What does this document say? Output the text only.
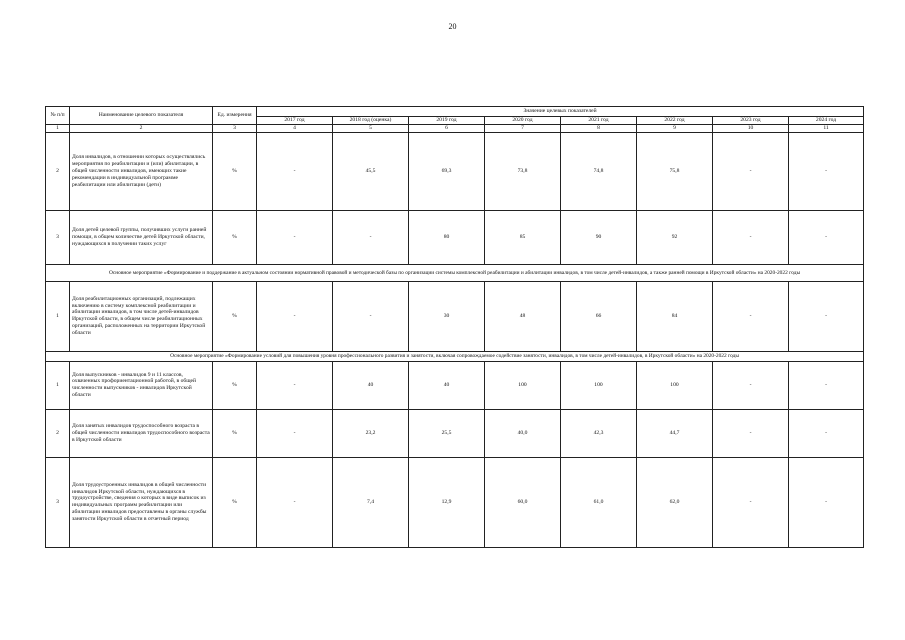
20
№ п/п	Наименование целевого показателя	Ед. измерения	Значение целевых показателей							
			2017 год	2018 год (оценка)	2019 год	2020 год	2021 год	2022 год	2023 год	2024 год
1	2	3	4	5	6	7	8	9	10	11
2	Доля инвалидов, в отношении которых осуществлялись мероприятия по реабилитации и (или) абилитации, в общей численности инвалидов, имеющих такие рекомендации в индивидуальной программе реабилитации или абилитации (дети)	%	-	45,5	69,3	73,8	74,8	75,8	-	-
3	Доля детей целевой группы, получивших услуги ранней помощи, в общем количестве детей Иркутской области, нуждающихся в получении таких услуг	%	-	-	80	85	90	92	-	-
Основное мероприятие «Формирование и поддержание в актуальном состоянии нормативной правовой и методической базы по организации системы комплексной реабилитации и абилитации инвалидов, в том числе детей-инвалидов, а также ранней помощи в Иркутской области» на 2020-2022 годы										
1	Доля реабилитационных организаций, подлежащих включению в систему комплексной реабилитации и абилитации инвалидов, в том числе детей-инвалидов Иркутской области, в общем числе реабилитационных организаций, расположенных на территории Иркутской области	%	-	-	30	48	66	84	-	-
Основное мероприятие «Формирование условий для повышения уровня профессионального развития и занятости, включая сопровождаемое содействие занятости, инвалидов, в том числе детей-инвалидов, в Иркутской области» на 2020-2022 годы										
1	Доля выпускников - инвалидов 9 и 11 классов, охваченных профориентационной работой, в общей численности выпускников - инвалидов Иркутской области	%	-	40	40	100	100	100	-	-
2	Доля занятых инвалидов трудоспособного возраста в общей численности инвалидов трудоспособного возраста в Иркутской области	%	-	23,2	25,5	40,0	42,3	44,7	-	-
3	Доля трудоустроенных инвалидов в общей численности инвалидов Иркутской области, нуждающихся в трудоустройстве, сведения о которых в виде выписок из индивидуальных программ реабилитации или абилитации инвалидов предоставлены в органы службы занятости Иркутской области в отчетный период	%	-	7,4	12,9	60,0	61,0	62,0	-	-
